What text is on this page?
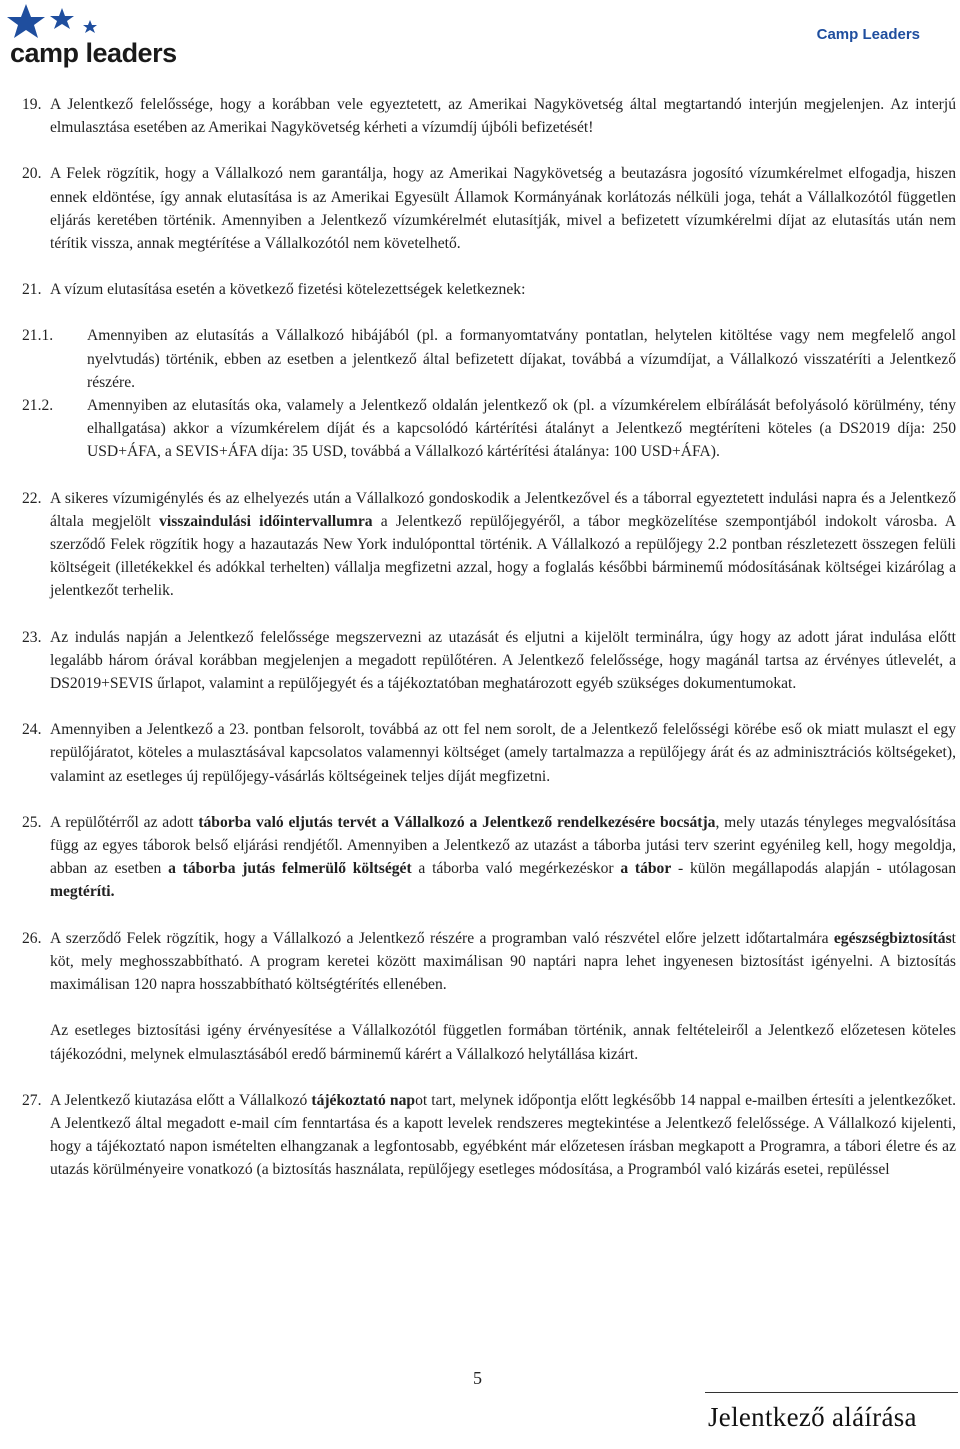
camp leaders
Camp Leaders
19. A Jelentkező felelőssége, hogy a korábban vele egyeztetett, az Amerikai Nagykövetség által megtartandó interjún megjelenjen. Az interjú elmulasztása esetében az Amerikai Nagykövetség kérheti a vízumdíj újbóli befizetését!

20. A Felek rögzítik, hogy a Vállalkozó nem garantálja, hogy az Amerikai Nagykövetség a beutazásra jogosító vízumkérelmet elfogadja, hiszen ennek eldöntése, így annak elutasítása is az Amerikai Egyesült Államok Kormányának korlátozás nélküli joga, tehát a Vállalkozótól független eljárás keretében történik. Amennyiben a Jelentkező vízumkérelmét elutasítják, mivel a befizetett vízumkérelmi díjat az elutasítás után nem térítik vissza, annak megtérítése a Vállalkozótól nem követelhető.

21. A vízum elutasítása esetén a következő fizetési kötelezettségek keletkeznek:

21.1. Amennyiben az elutasítás a Vállalkozó hibájából (pl. a formanyomtatvány pontatlan, helytelen kitöltése vagy nem megfelelő angol nyelvtudás) történik, ebben az esetben a jelentkező által befizetett díjakat, továbbá a vízumdíjat, a Vállalkozó visszatéríti a Jelentkező részére.

21.2. Amennyiben az elutasítás oka, valamely a Jelentkező oldalán jelentkező ok (pl. a vízumkérelem elbírálását befolyásoló körülmény, tény elhallgatása) akkor a vízumkérelem díját és a kapcsolódó kártérítési átalányt a Jelentkező megtéríteni köteles (a DS2019 díja: 250 USD+ÁFA, a SEVIS+ÁFA díja: 35 USD, továbbá a Vállalkozó kártérítési átalánya: 100 USD+ÁFA).

22. A sikeres vízumigénylés és az elhelyezés után a Vállalkozó gondoskodik a Jelentkezővel és a táborral egyeztetett indulási napra és a Jelentkező általa megjelölt visszaindulási időintervallumra a Jelentkező repülőjegyéről, a tábor megközelítése szempontjából indokolt városba. A szerződő Felek rögzítik hogy a hazautazás New York indulóponttal történik. A Vállalkozó a repülőjegy 2.2 pontban részletezett összegen felüli költségeit (illetékekkel és adókkal terhelten) vállalja megfizetni azzal, hogy a foglalás későbbi bárminemű módosításának költségei kizárólag a jelentkezőt terhelik.

23. Az indulás napján a Jelentkező felelőssége megszervezni az utazását és eljutni a kijelölt terminálra, úgy hogy az adott járat indulása előtt legalább három órával korábban megjelenjen a megadott repülőtéren. A Jelentkező felelőssége, hogy magánál tartsa az érvényes útlevelét, a DS2019+SEVIS űrlapot, valamint a repülőjegyét és a tájékoztatóban meghatározott egyéb szükséges dokumentumokat.

24. Amennyiben a Jelentkező a 23. pontban felsorolt, továbbá az ott fel nem sorolt, de a Jelentkező felelősségi körébe eső ok miatt mulaszt el egy repülőjáratot, köteles a mulasztásával kapcsolatos valamennyi költséget (amely tartalmazza a repülőjegy árát és az adminisztrációs költségeket), valamint az esetleges új repülőjegy-vásárlás költségeinek teljes díját megfizetni.

25. A repülőtérről az adott táborba való eljutás tervét a Vállalkozó a Jelentkező rendelkezésére bocsátja, mely utazás tényleges megvalósítása függ az egyes táborok belső eljárási rendjétől. Amennyiben a Jelentkező az utazást a táborba jutási terv szerint egyénileg kell, hogy megoldja, abban az esetben a táborba jutás felmerülő költségét a táborba való megérkezéskor a tábor - külön megállapodás alapján - utólagosan megtéríti.

26. A szerződő Felek rögzítik, hogy a Vállalkozó a Jelentkező részére a programban való részvétel előre jelzett időtartalmára egészségbiztosítást köt, mely meghosszabbítható. A program keretei között maximálisan 90 naptári napra lehet ingyenesen biztosítást igényelni. A biztosítás maximálisan 120 napra hosszabbítható költségtérítés ellenében.

Az esetleges biztosítási igény érvényesítése a Vállalkozótól független formában történik, annak feltételeiről a Jelentkező előzetesen köteles tájékozódni, melynek elmulasztásából eredő bárminemű kárért a Vállalkozó helytállása kizárt.

27. A Jelentkező kiutazása előtt a Vállalkozó tájékoztató napot tart, melynek időpontja előtt legkésőbb 14 nappal e-mailben értesíti a jelentkezőket. A Jelentkező által megadott e-mail cím fenntartása és a kapott levelek rendszeres megtekintése a Jelentkező felelőssége. A Vállalkozó kijelenti, hogy a tájékoztató napon ismételten elhangzanak a legfontosabb, egyébként már előzetesen írásban megkapott a Programra, a tábori életre és az utazás körülményeire vonatkozó (a biztosítás használata, repülőjegy esetleges módosítása, a Programból való kizárás esetei, repüléssel

5
Jelentkező aláírása
